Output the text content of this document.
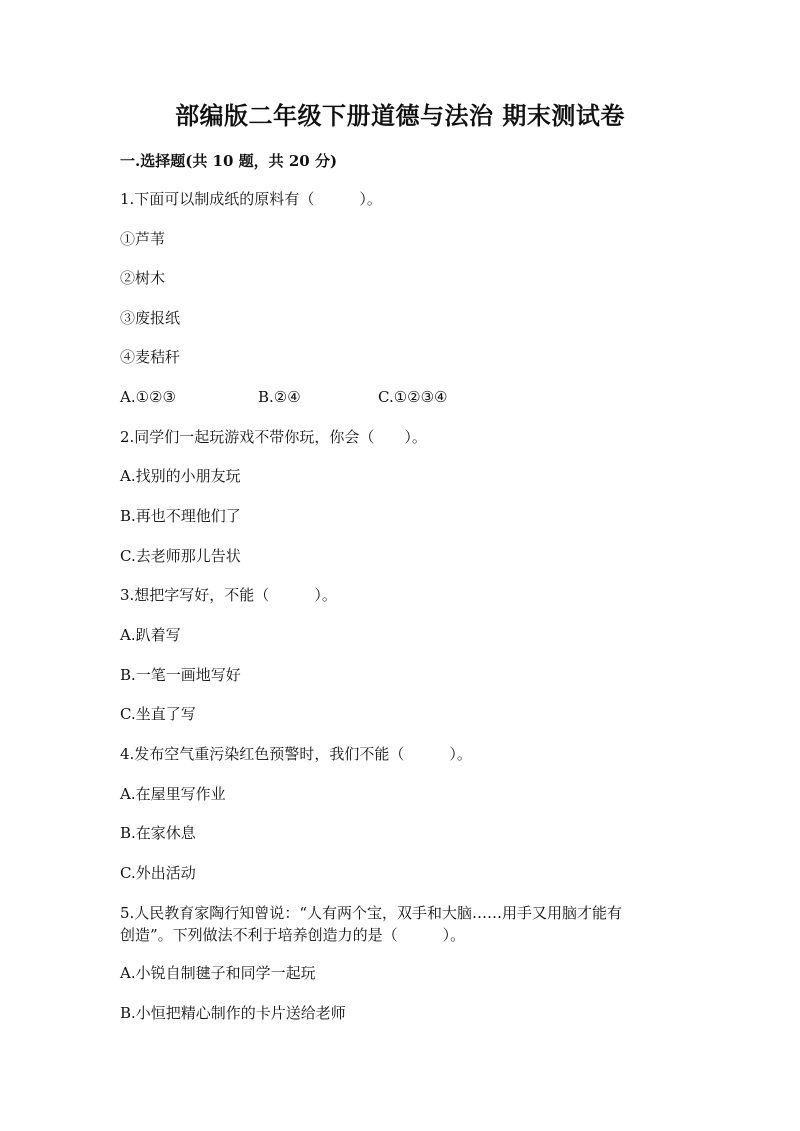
部编版二年级下册道德与法治 期末测试卷
一.选择题(共 10 题，共 20 分)
1.下面可以制成纸的原料有（　　　）。
①芦苇
②树木
③废报纸
④麦秸秆
A.①②③	B.②④	C.①②③④
2.同学们一起玩游戏不带你玩，你会（　　）。
A.找别的小朋友玩
B.再也不理他们了
C.去老师那儿告状
3.想把字写好，不能（　　　）。
A.趴着写
B.一笔一画地写好
C.坐直了写
4.发布空气重污染红色预警时，我们不能（　　　）。
A.在屋里写作业
B.在家休息
C.外出活动
5.人民教育家陶行知曾说：“人有两个宝，双手和大脑……用手又用脑才能有
创造”。下列做法不利于培养创造力的是（　　　）。
A.小锐自制毽子和同学一起玩
B.小恒把精心制作的卡片送给老师
